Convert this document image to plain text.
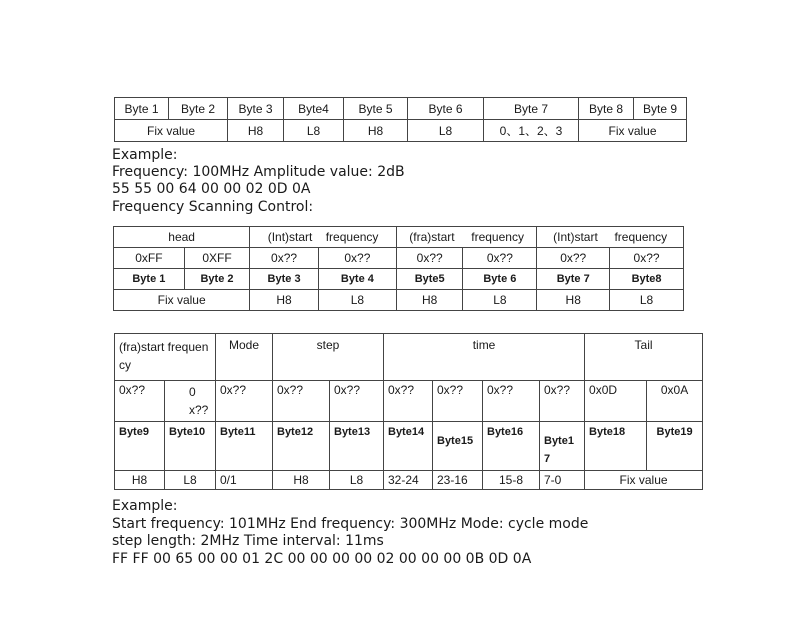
Byte 1	Byte 2	Byte 3	Byte4	Byte 5	Byte 6	Byte 7	Byte 8	Byte 9
Fix value		H8	L8	H8	L8	0、1、2、3	Fix value	
Example:
Frequency: 100MHz Amplitude value: 2dB
55 55 00 64 00 00 02 0D 0A
Frequency Scanning Control:
head		(Int)start    frequency		(fra)start     frequency		(Int)start     frequency	
0xFF	0XFF	0x??	0x??	0x??	0x??	0x??	0x??
Byte 1	Byte 2	Byte 3	Byte 4	Byte5	Byte 6	Byte 7	Byte8
Fix value		H8	L8	H8	L8	H8	L8
(fra)start frequency		Mode	step		time				Tail	
0x??	0x??	0x??	0x??	0x??	0x??	0x??	0x??	0x??	0x0D	0x0A
Byte9	Byte10	Byte11	Byte12	Byte13	Byte14	Byte15	Byte16	Byte17	Byte18	Byte19
H8	L8	0/1	H8	L8	32-24	23-16	15-8	7-0	Fix value	
Example:
Start frequency: 101MHz End frequency: 300MHz Mode: cycle mode
step length: 2MHz Time interval: 11ms
FF FF 00 65 00 00 01 2C 00 00 00 00 02 00 00 00 0B 0D 0A
